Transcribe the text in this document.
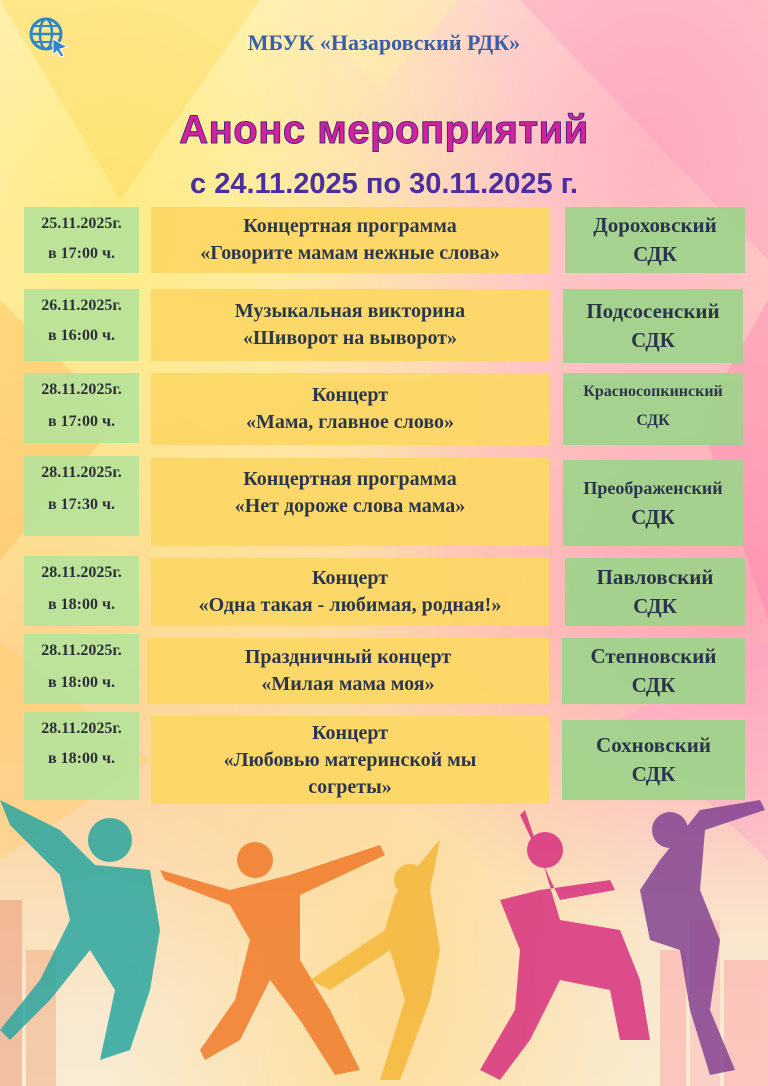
МБУК «Назаровский РДК»
Анонс мероприятий
с 24.11.2025 по 30.11.2025 г.
25.11.2025г.
в 17:00 ч.
Концертная программа
«Говорите мамам нежные слова»
Дороховский
СДК
26.11.2025г.
в 16:00 ч.
Музыкальная викторина
«Шиворот на выворот»
Подсосенский
СДК
28.11.2025г.
в 17:00 ч.
Концерт
«Мама, главное слово»
Красносопкинский
СДК
28.11.2025г.
в 17:30 ч.
Концертная программа
«Нет дороже слова мама»
Преображенский
СДК
28.11.2025г.
в 18:00 ч.
Концерт
«Одна такая - любимая, родная!»
Павловский
СДК
28.11.2025г.
в 18:00 ч.
Праздничный концерт
«Милая мама моя»
Степновский
СДК
28.11.2025г.
в 18:00 ч.
Концерт
«Любовью материнской мы
согреты»
Сохновский
СДК
